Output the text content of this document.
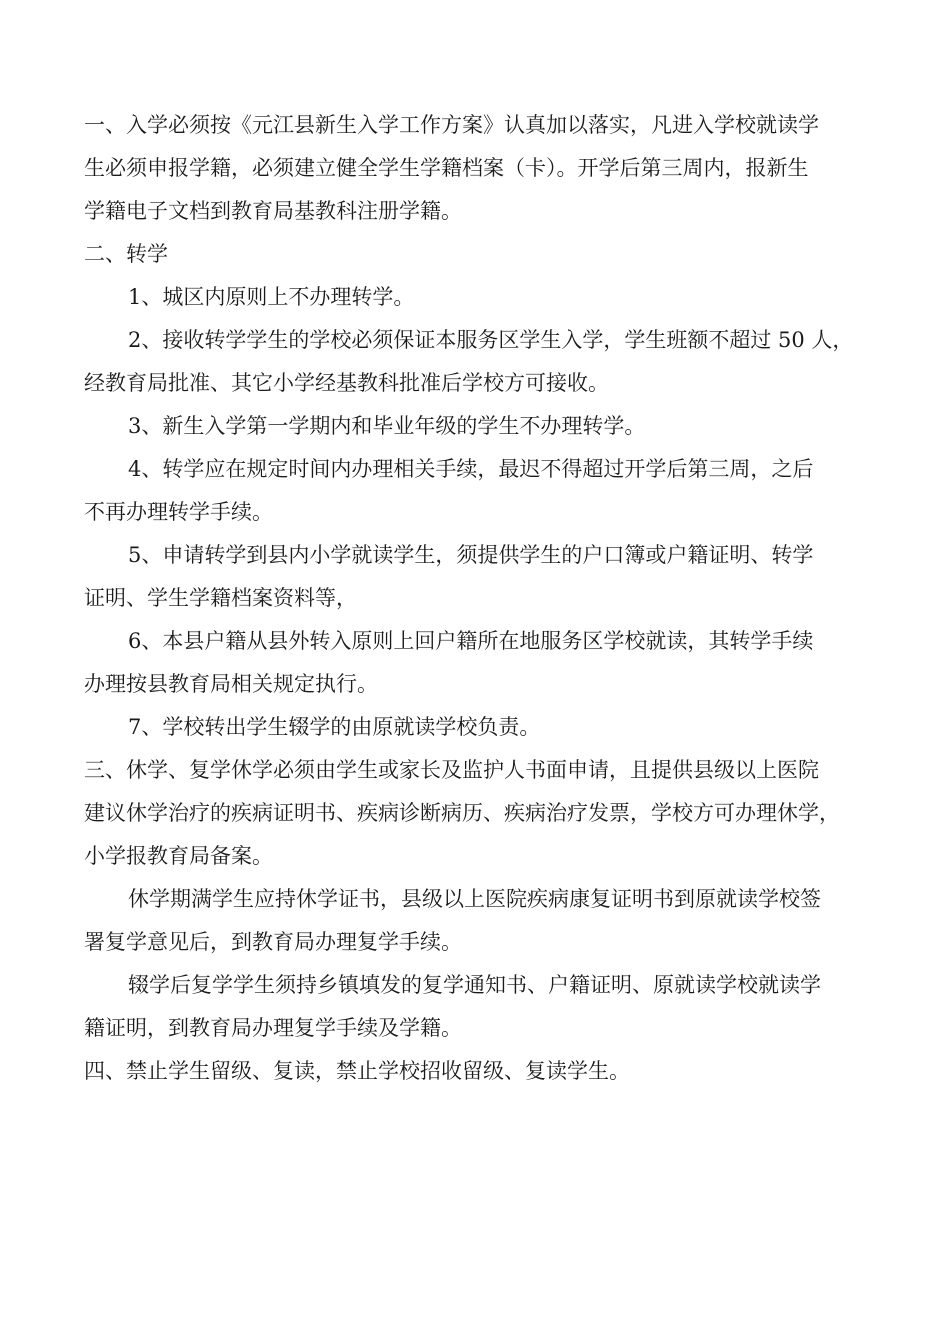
一、入学必须按《元江县新生入学工作方案》认真加以落实，凡进入学校就读学
生必须申报学籍，必须建立健全学生学籍档案（卡）。开学后第三周内，报新生
学籍电子文档到教育局基教科注册学籍。
二、转学
1、城区内原则上不办理转学。
2、接收转学学生的学校必须保证本服务区学生入学，学生班额不超过 50 人，
经教育局批准、其它小学经基教科批准后学校方可接收。
3、新生入学第一学期内和毕业年级的学生不办理转学。
4、转学应在规定时间内办理相关手续，最迟不得超过开学后第三周，之后
不再办理转学手续。
5、申请转学到县内小学就读学生，须提供学生的户口簿或户籍证明、转学
证明、学生学籍档案资料等，
6、本县户籍从县外转入原则上回户籍所在地服务区学校就读，其转学手续
办理按县教育局相关规定执行。
7、学校转出学生辍学的由原就读学校负责。
三、休学、复学休学必须由学生或家长及监护人书面申请，且提供县级以上医院
建议休学治疗的疾病证明书、疾病诊断病历、疾病治疗发票，学校方可办理休学，
小学报教育局备案。
休学期满学生应持休学证书，县级以上医院疾病康复证明书到原就读学校签
署复学意见后，到教育局办理复学手续。
辍学后复学学生须持乡镇填发的复学通知书、户籍证明、原就读学校就读学
籍证明，到教育局办理复学手续及学籍。
四、禁止学生留级、复读，禁止学校招收留级、复读学生。
